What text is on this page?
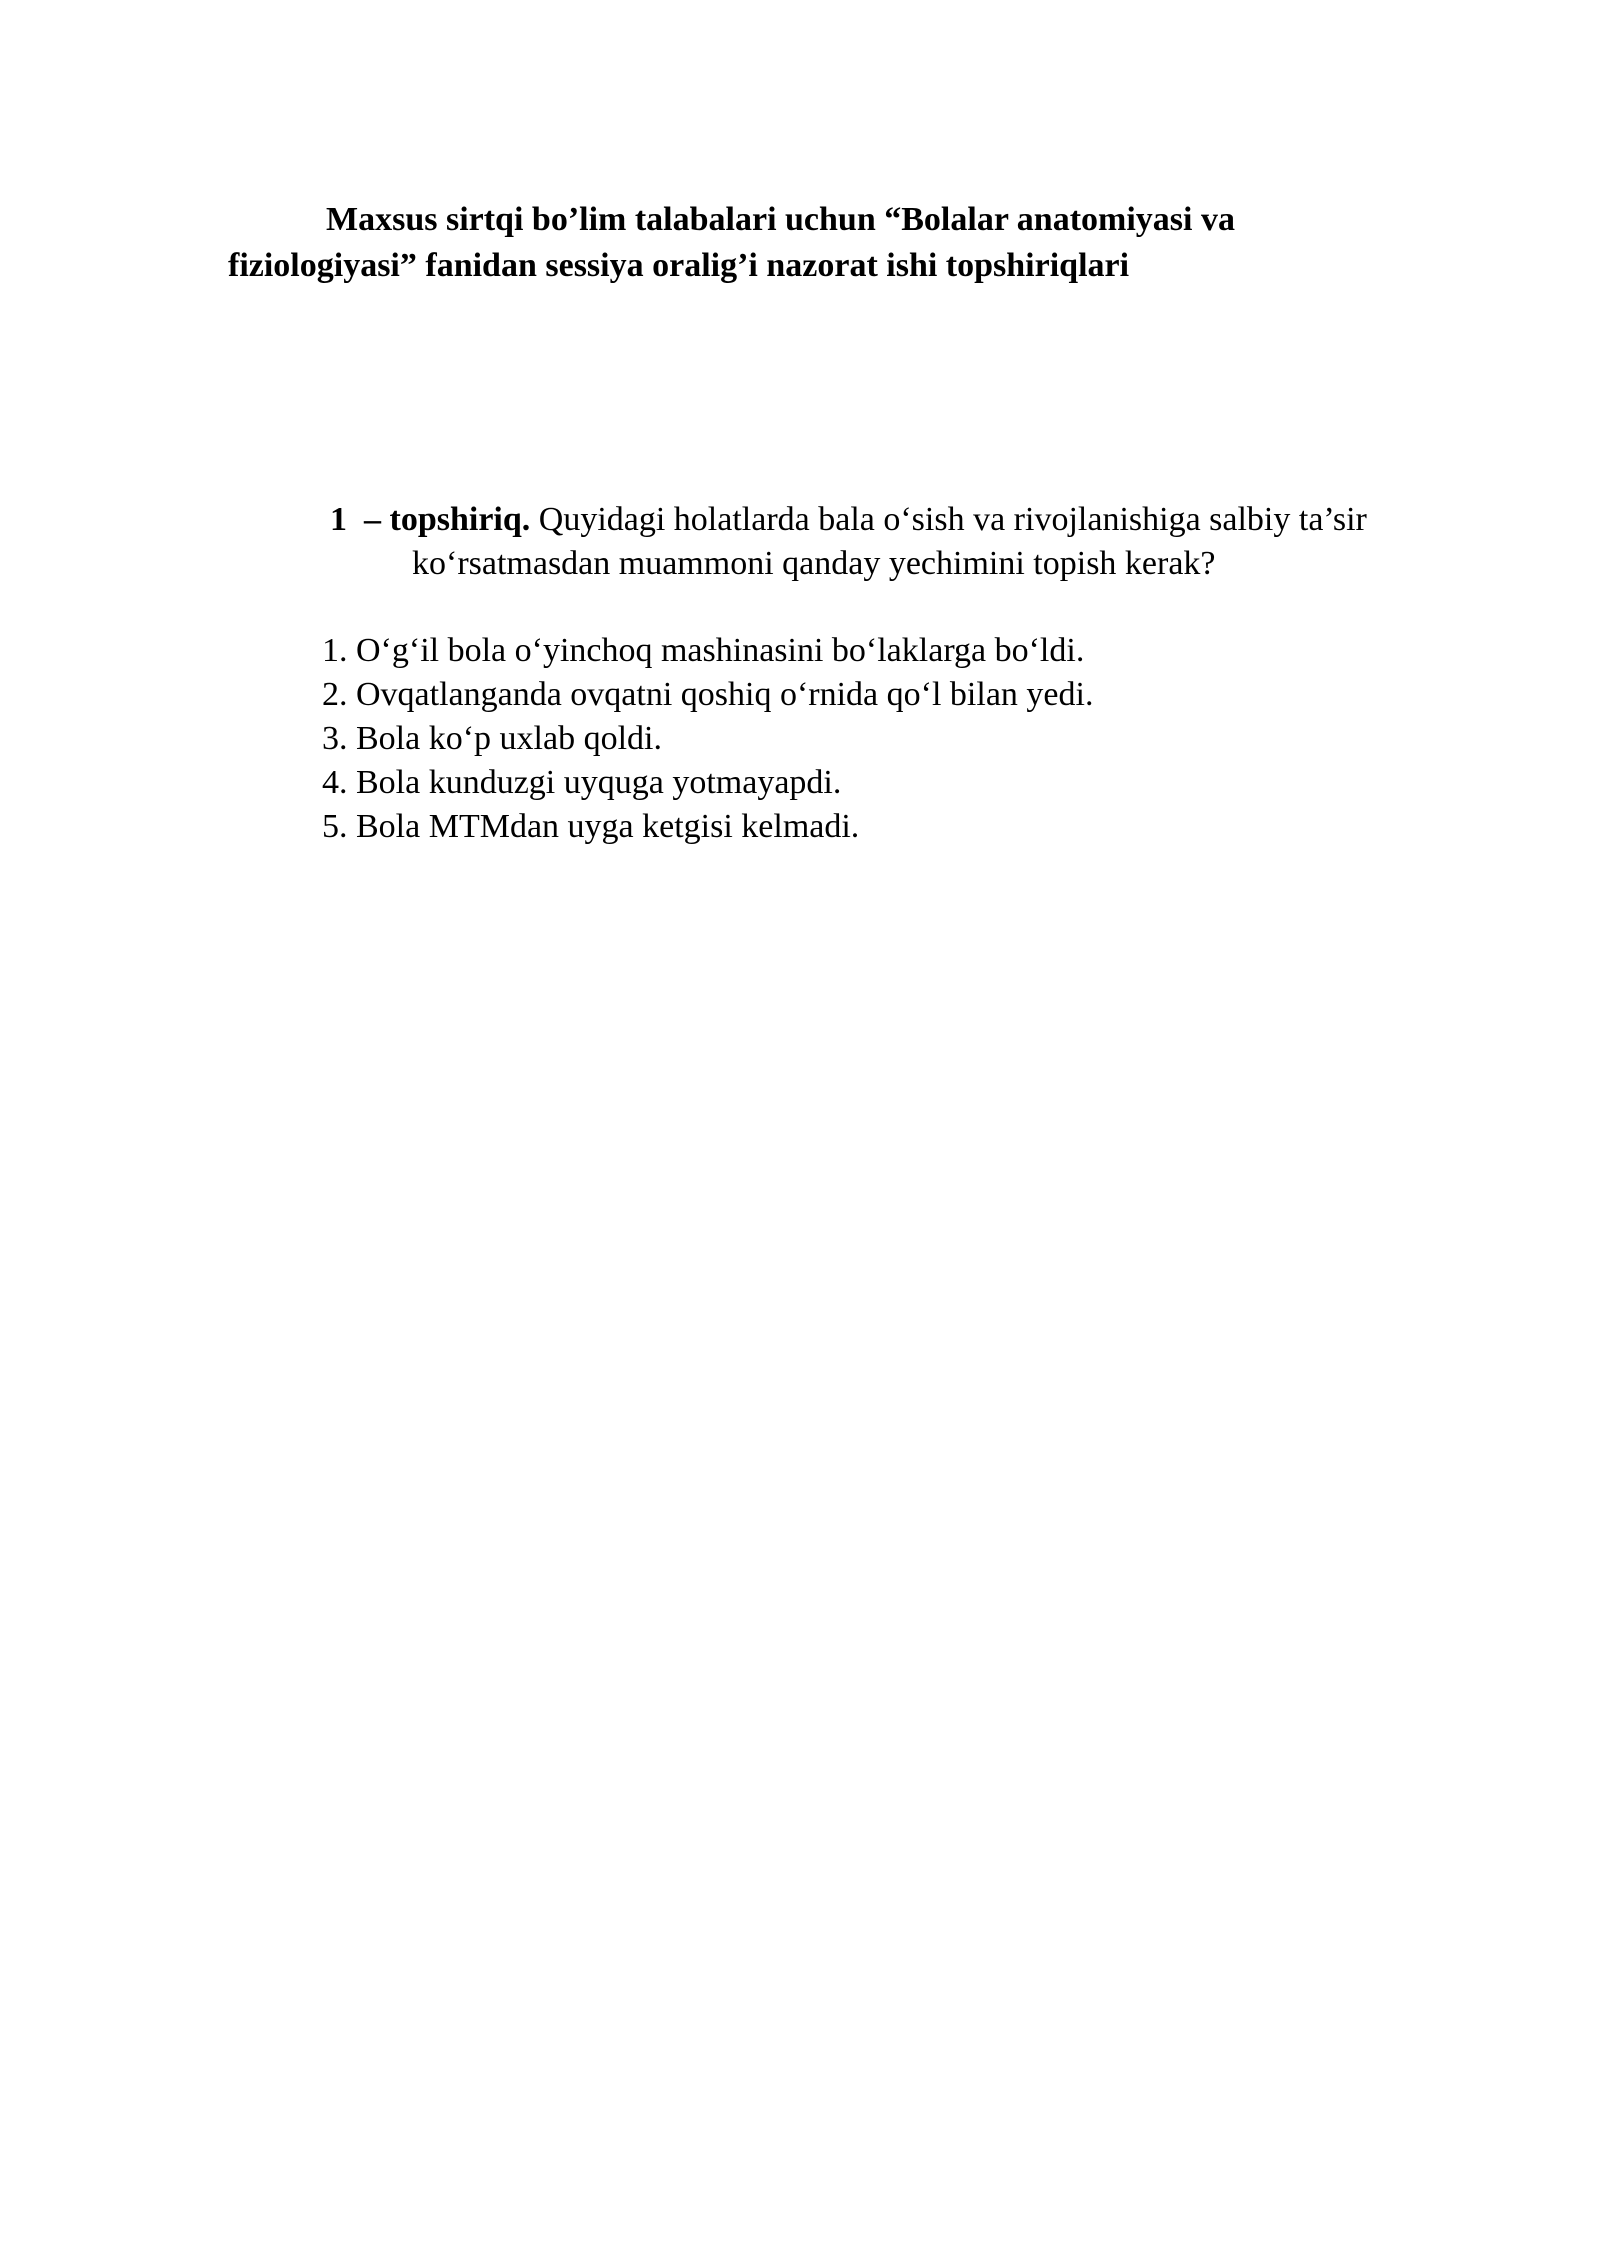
Maxsus sirtqi bo’lim talabalari uchun “Bolalar anatomiyasi va
fiziologiyasi” fanidan sessiya oralig’i nazorat ishi topshiriqlari
1 – topshiriq. Quyidagi holatlarda bala o‘sish va rivojlanishiga salbiy ta’sir
ko‘rsatmasdan muammoni qanday yechimini topish kerak?
1. O‘g‘il bola o‘yinchoq mashinasini bo‘laklarga bo‘ldi.
2. Ovqatlanganda ovqatni qoshiq o‘rnida qo‘l bilan yedi.
3. Bola ko‘p uxlab qoldi.
4. Bola kunduzgi uyquga yotmayapdi.
5. Bola MTMdan uyga ketgisi kelmadi.
